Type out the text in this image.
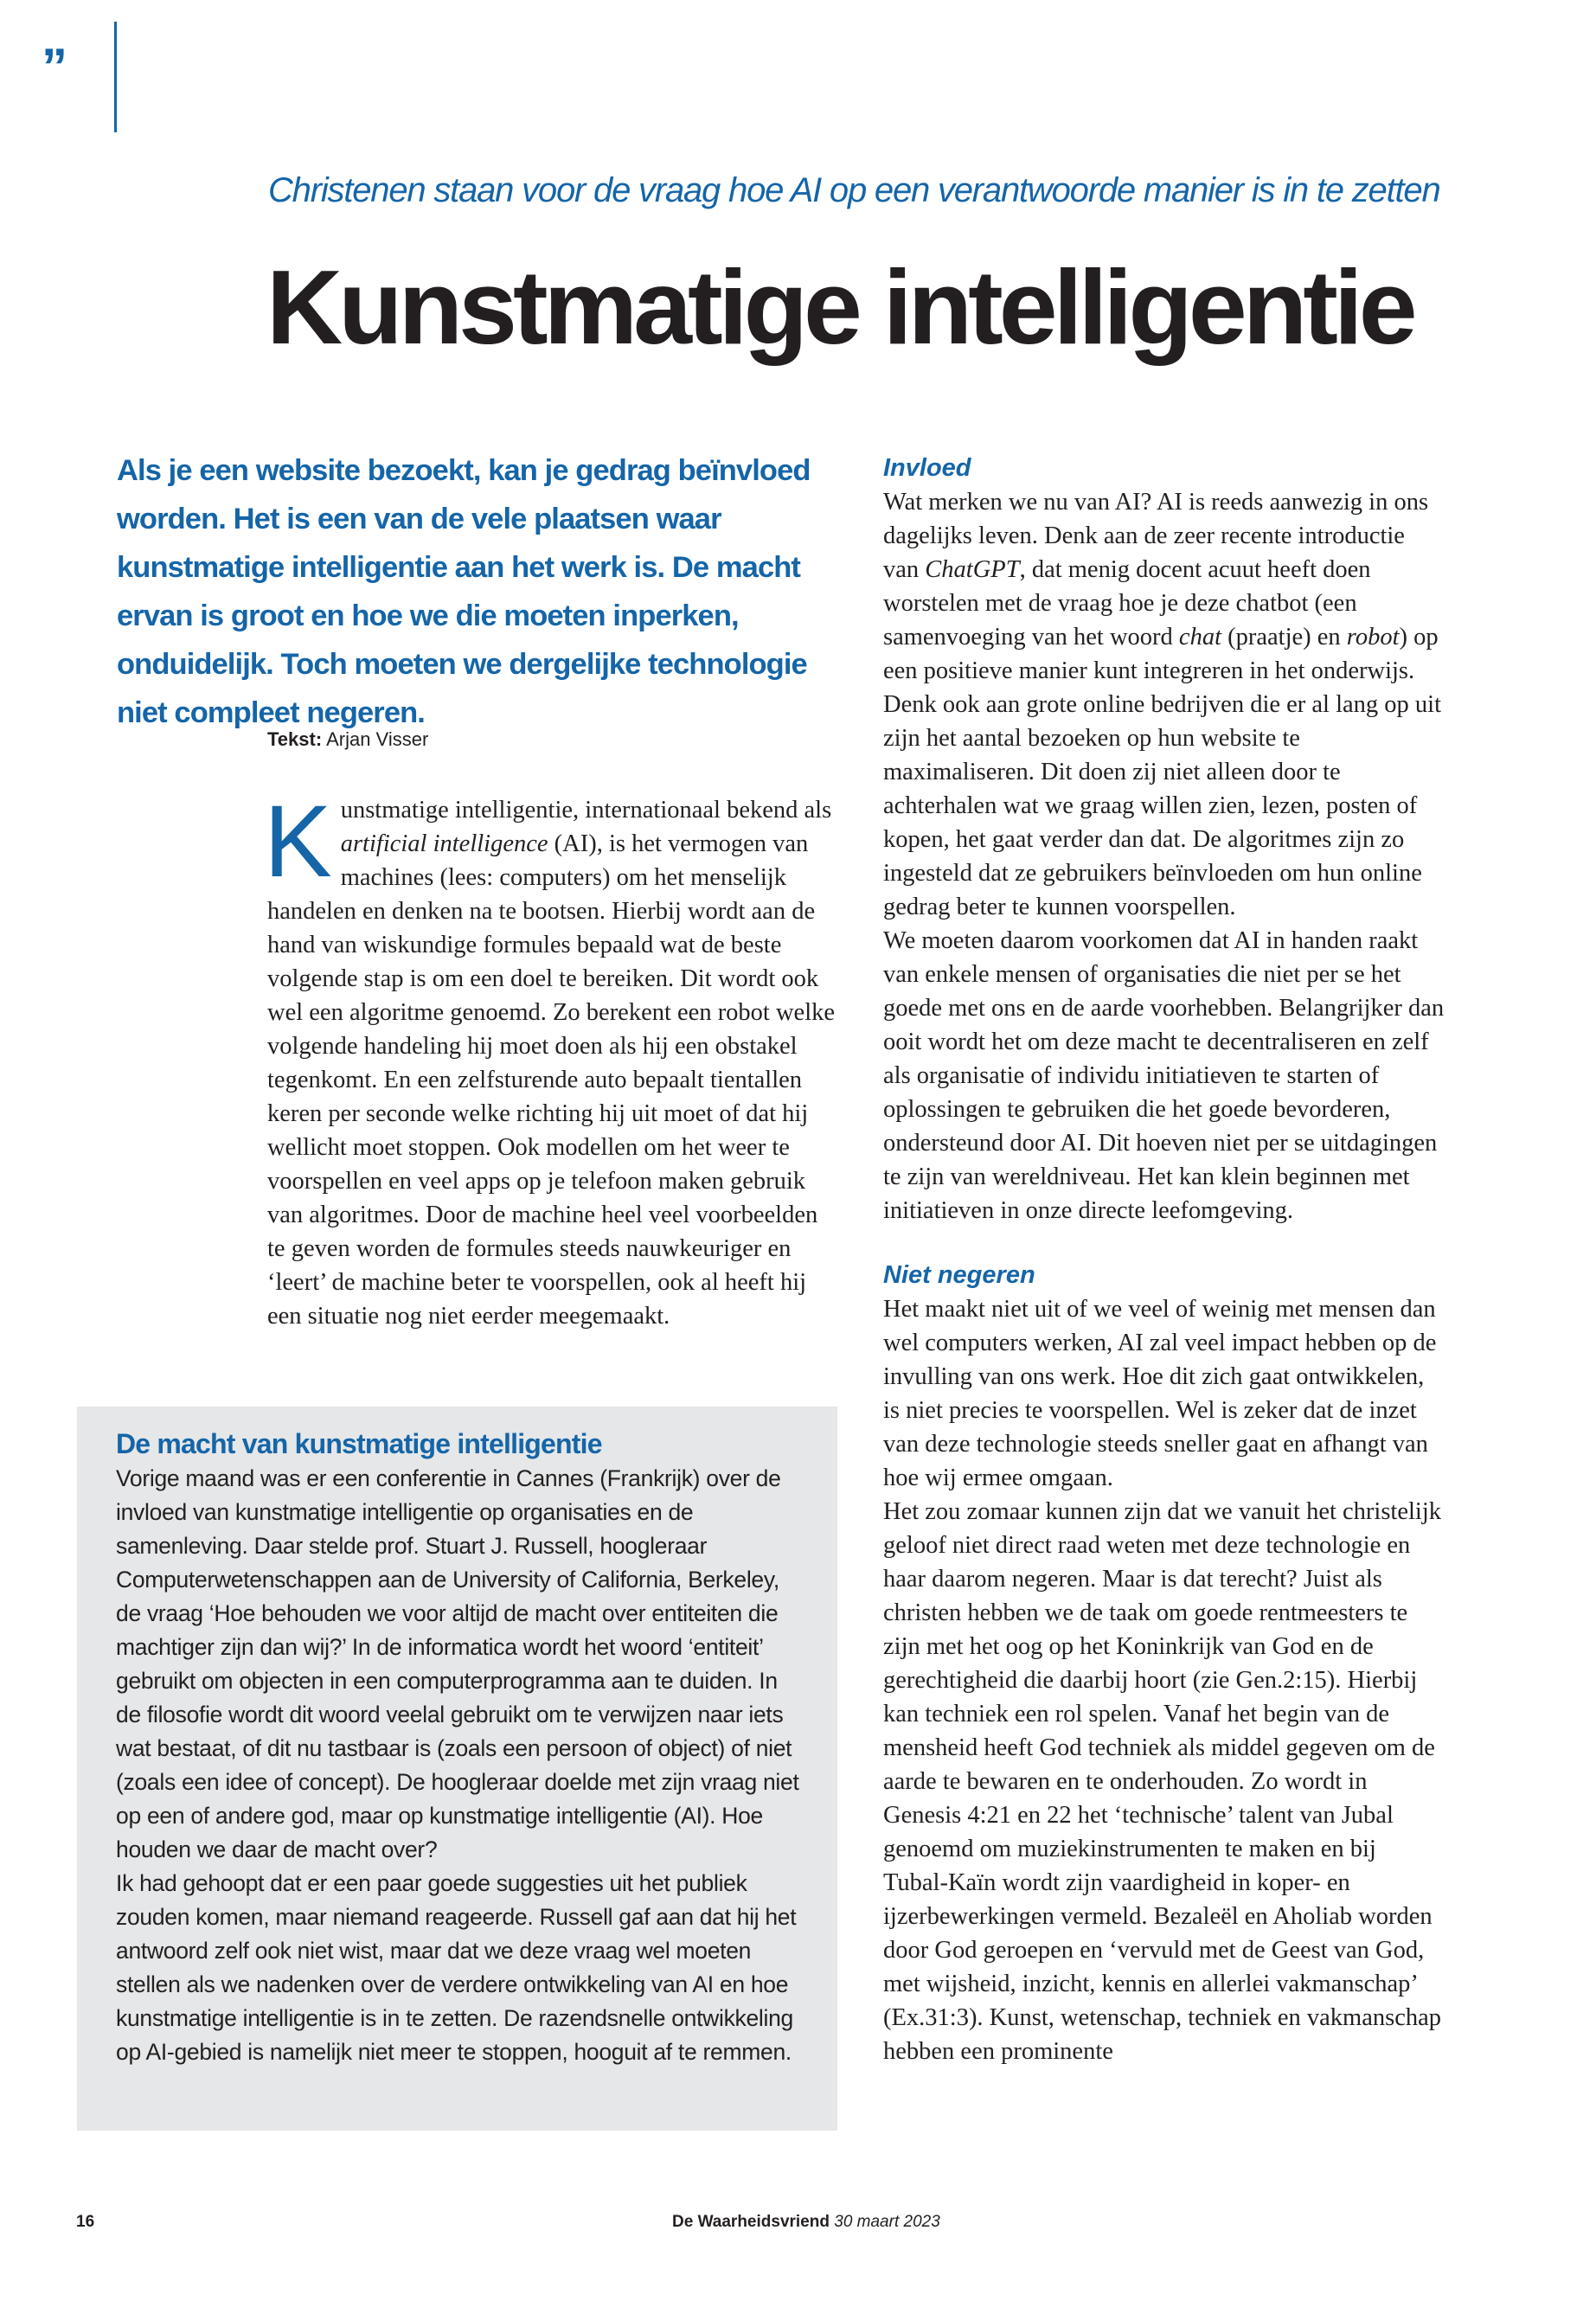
”
Christenen staan voor de vraag hoe AI op een verantwoorde manier is in te zetten
Kunstmatige intelligentie

Als je een website bezoekt, kan je gedrag beïnvloed worden. Het is een van de vele plaatsen waar kunstmatige intelligentie aan het werk is. De macht ervan is groot en hoe we die moeten inperken, onduidelijk. Toch moeten we dergelijke technologie niet compleet negeren.

Tekst: Arjan Visser

Kunstmatige intelligentie, internationaal bekend als artificial intelligence (AI), is het vermogen van machines (lees: computers) om het menselijk handelen en denken na te bootsen. Hierbij wordt aan de hand van wiskundige formules bepaald wat de beste volgende stap is om een doel te bereiken. Dit wordt ook wel een algoritme genoemd. Zo berekent een robot welke volgende handeling hij moet doen als hij een obstakel tegenkomt. En een zelfsturende auto bepaalt tientallen keren per seconde welke richting hij uit moet of dat hij wellicht moet stoppen. Ook modellen om het weer te voorspellen en veel apps op je telefoon maken gebruik van algoritmes. Door de machine heel veel voorbeelden te geven worden de formules steeds nauwkeuriger en ‘leert’ de machine beter te voorspellen, ook al heeft hij een situatie nog niet eerder meegemaakt.

De macht van kunstmatige intelligentie

Vorige maand was er een conferentie in Cannes (Frankrijk) over de invloed van kunstmatige intelligentie op organisaties en de samenleving. Daar stelde prof. Stuart J. Russell, hoogleraar Computerwetenschappen aan de University of California, Berkeley, de vraag ‘Hoe behouden we voor altijd de macht over entiteiten die machtiger zijn dan wij?’ In de informatica wordt het woord ‘entiteit’ gebruikt om objecten in een computerprogramma aan te duiden. In de filosofie wordt dit woord veelal gebruikt om te verwijzen naar iets wat bestaat, of dit nu tastbaar is (zoals een persoon of object) of niet (zoals een idee of concept). De hoogleraar doelde met zijn vraag niet op een of andere god, maar op kunstmatige intelligentie (AI). Hoe houden we daar de macht over?

Ik had gehoopt dat er een paar goede suggesties uit het publiek zouden komen, maar niemand reageerde. Russell gaf aan dat hij het antwoord zelf ook niet wist, maar dat we deze vraag wel moeten stellen als we nadenken over de verdere ontwikkeling van AI en hoe kunstmatige intelligentie is in te zetten. De razendsnelle ontwikkeling op AI-gebied is namelijk niet meer te stoppen, hooguit af te remmen.

Invloed

Wat merken we nu van AI? AI is reeds aanwezig in ons dagelijks leven. Denk aan de zeer recente introductie van ChatGPT, dat menig docent acuut heeft doen worstelen met de vraag hoe je deze chatbot (een samenvoeging van het woord chat (praatje) en robot) op een positieve manier kunt integreren in het onderwijs.

Denk ook aan grote online bedrijven die er al lang op uit zijn het aantal bezoeken op hun website te maximaliseren. Dit doen zij niet alleen door te achterhalen wat we graag willen zien, lezen, posten of kopen, het gaat verder dan dat. De algoritmes zijn zo ingesteld dat ze gebruikers beïnvloeden om hun online gedrag beter te kunnen voorspellen.

We moeten daarom voorkomen dat AI in handen raakt van enkele mensen of organisaties die niet per se het goede met ons en de aarde voorhebben. Belangrijker dan ooit wordt het om deze macht te decentraliseren en zelf als organisatie of individu initiatieven te starten of oplossingen te gebruiken die het goede bevorderen, ondersteund door AI. Dit hoeven niet per se uitdagingen te zijn van wereldniveau. Het kan klein beginnen met initiatieven in onze directe leefomgeving.

Niet negeren

Het maakt niet uit of we veel of weinig met mensen dan wel computers werken, AI zal veel impact hebben op de invulling van ons werk. Hoe dit zich gaat ontwikkelen, is niet precies te voorspellen. Wel is zeker dat de inzet van deze technologie steeds sneller gaat en afhangt van hoe wij ermee omgaan.

Het zou zomaar kunnen zijn dat we vanuit het christelijk geloof niet direct raad weten met deze technologie en haar daarom negeren. Maar is dat terecht? Juist als christen hebben we de taak om goede rentmeesters te zijn met het oog op het Koninkrijk van God en de gerechtigheid die daarbij hoort (zie Gen.2:15). Hierbij kan techniek een rol spelen. Vanaf het begin van de mensheid heeft God techniek als middel gegeven om de aarde te bewaren en te onderhouden. Zo wordt in Genesis 4:21 en 22 het ‘technische’ talent van Jubal genoemd om muziekinstrumenten te maken en bij Tubal-Kaïn wordt zijn vaardigheid in koper- en ijzerbewerkingen vermeld. Bezaleël en Aholiab worden door God geroepen en ‘vervuld met de Geest van God, met wijsheid, inzicht, kennis en allerlei vakmanschap’ (Ex.31:3). Kunst, wetenschap, techniek en vakmanschap hebben een prominente

16	De Waarheidsvriend 30 maart 2023
